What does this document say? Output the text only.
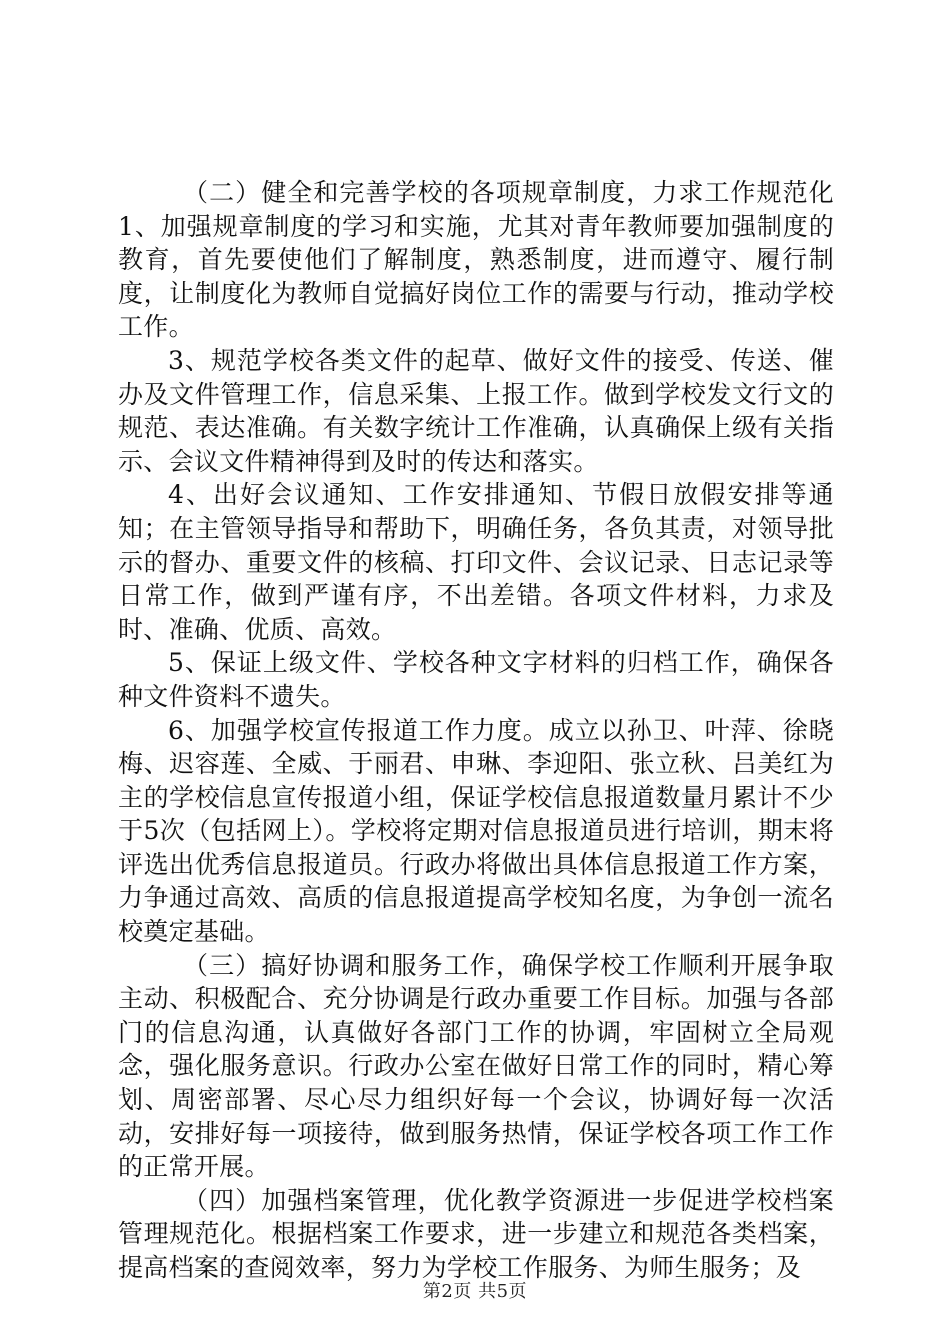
（二）健全和完善学校的各项规章制度，力求工作规范化1、加强规章制度的学习和实施，尤其对青年教师要加强制度的教育，首先要使他们了解制度，熟悉制度，进而遵守、履行制度，让制度化为教师自觉搞好岗位工作的需要与行动，推动学校工作。

3、规范学校各类文件的起草、做好文件的接受、传送、催办及文件管理工作，信息采集、上报工作。做到学校发文行文的规范、表达准确。有关数字统计工作准确，认真确保上级有关指示、会议文件精神得到及时的传达和落实。

4、出好会议通知、工作安排通知、节假日放假安排等通知；在主管领导指导和帮助下，明确任务，各负其责，对领导批示的督办、重要文件的核稿、打印文件、会议记录、日志记录等日常工作，做到严谨有序，不出差错。各项文件材料，力求及时、准确、优质、高效。

5、保证上级文件、学校各种文字材料的归档工作，确保各种文件资料不遗失。

6、加强学校宣传报道工作力度。成立以孙卫、叶萍、徐晓梅、迟容莲、全威、于丽君、申琳、李迎阳、张立秋、吕美红为主的学校信息宣传报道小组，保证学校信息报道数量月累计不少于5次（包括网上）。学校将定期对信息报道员进行培训，期末将评选出优秀信息报道员。行政办将做出具体信息报道工作方案，力争通过高效、高质的信息报道提高学校知名度，为争创一流名校奠定基础。

（三）搞好协调和服务工作，确保学校工作顺利开展争取主动、积极配合、充分协调是行政办重要工作目标。加强与各部门的信息沟通，认真做好各部门工作的协调，牢固树立全局观念，强化服务意识。行政办公室在做好日常工作的同时，精心筹划、周密部署、尽心尽力组织好每一个会议，协调好每一次活动，安排好每一项接待，做到服务热情，保证学校各项工作工作的正常开展。

（四）加强档案管理，优化教学资源进一步促进学校档案管理规范化。根据档案工作要求，进一步建立和规范各类档案，提高档案的查阅效率，努力为学校工作服务、为师生服务；及

第2页 共5页
